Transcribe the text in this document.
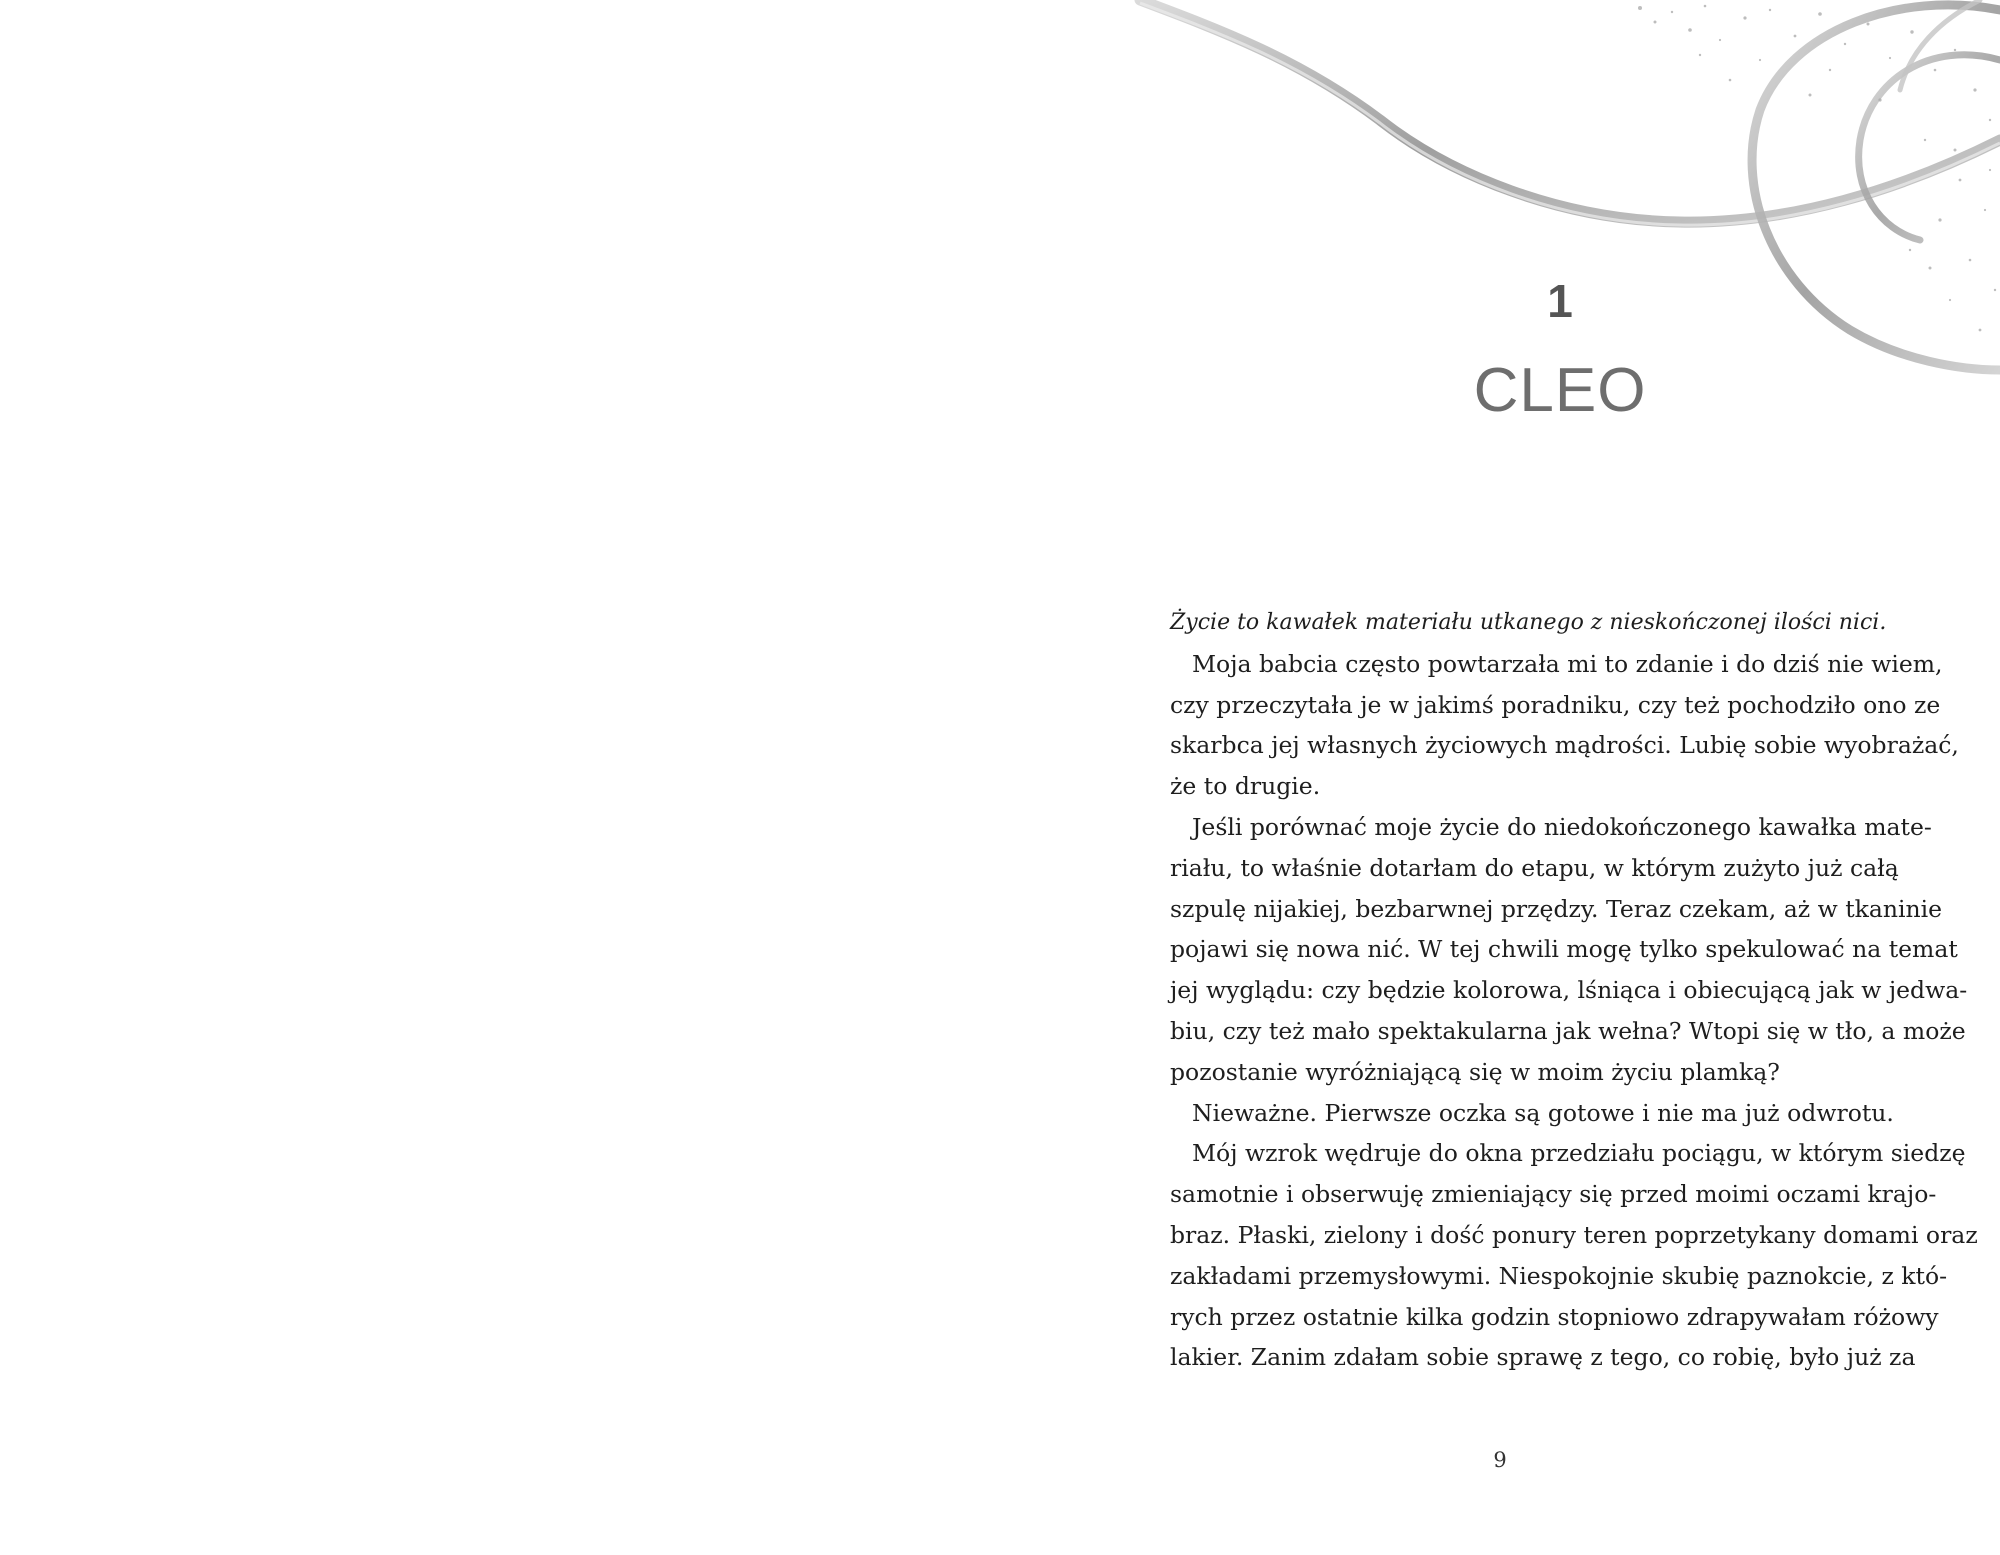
1
CLEO
Życie to kawałek materiału utkanego z nieskończonej ilości nici.
Moja babcia często powtarzała mi to zdanie i do dziś nie wiem,
czy przeczytała je w jakimś poradniku, czy też pochodziło ono ze
skarbca jej własnych życiowych mądrości. Lubię sobie wyobrażać,
że to drugie.
Jeśli porównać moje życie do niedokończonego kawałka mate-
riału, to właśnie dotarłam do etapu, w którym zużyto już całą
szpulę nijakiej, bezbarwnej przędzy. Teraz czekam, aż w tkaninie
pojawi się nowa nić. W tej chwili mogę tylko spekulować na temat
jej wyglądu: czy będzie kolorowa, lśniąca i obiecującą jak w jedwa-
biu, czy też mało spektakularna jak wełna? Wtopi się w tło, a może
pozostanie wyróżniającą się w moim życiu plamką?
Nieważne. Pierwsze oczka są gotowe i nie ma już odwrotu.
Mój wzrok wędruje do okna przedziału pociągu, w którym siedzę
samotnie i obserwuję zmieniający się przed moimi oczami krajo-
braz. Płaski, zielony i dość ponury teren poprzetykany domami oraz
zakładami przemysłowymi. Niespokojnie skubię paznokcie, z któ-
rych przez ostatnie kilka godzin stopniowo zdrapywałam różowy
lakier. Zanim zdałam sobie sprawę z tego, co robię, było już za
9
